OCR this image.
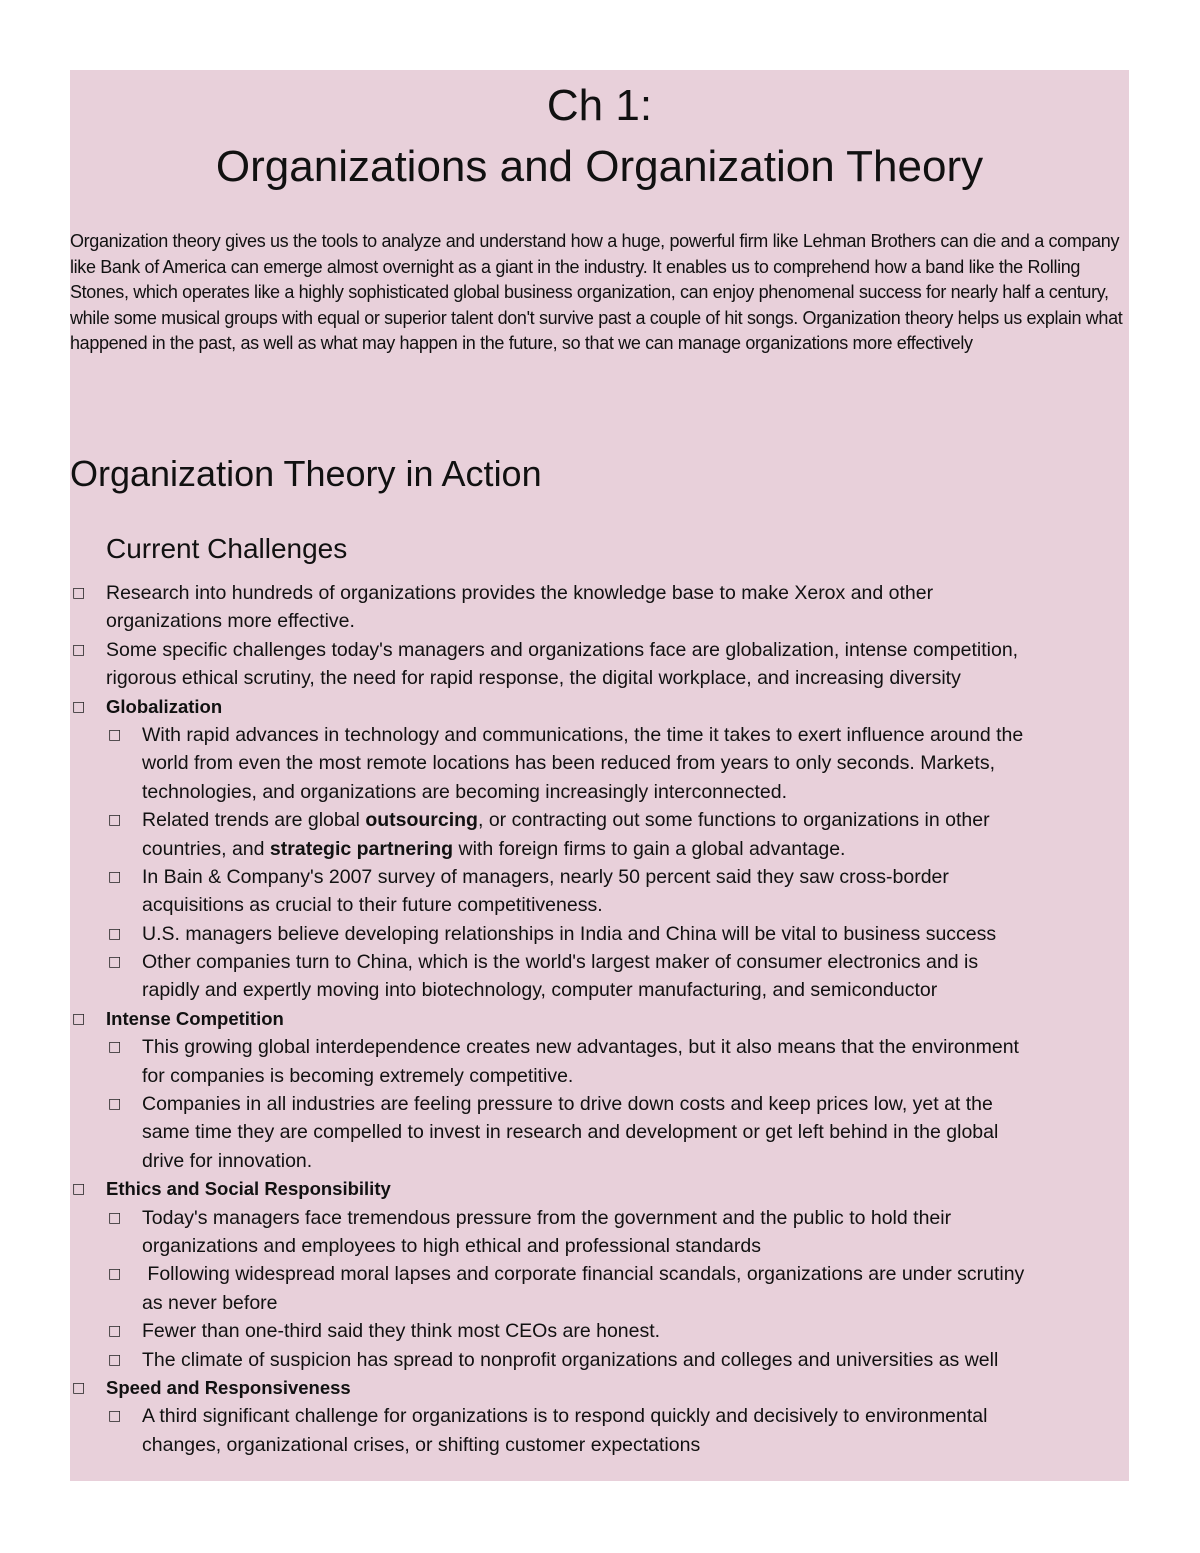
Ch 1:
Organizations and Organization Theory

Organization theory gives us the tools to analyze and understand how a huge, powerful firm like Lehman Brothers can die and a company like Bank of America can emerge almost overnight as a giant in the industry. It enables us to comprehend how a band like the Rolling Stones, which operates like a highly sophisticated global business organization, can enjoy phenomenal success for nearly half a century, while some musical groups with equal or superior talent don't survive past a couple of hit songs. Organization theory helps us explain what happened in the past, as well as what may happen in the future, so that we can manage organizations more effectively

Organization Theory in Action
Current Challenges
□ Research into hundreds of organizations provides the knowledge base to make Xerox and other
organizations more effective.
□ Some specific challenges today's managers and organizations face are globalization, intense competition,
rigorous ethical scrutiny, the need for rapid response, the digital workplace, and increasing diversity
□ Globalization
□ With rapid advances in technology and communications, the time it takes to exert influence around the
world from even the most remote locations has been reduced from years to only seconds. Markets,
technologies, and organizations are becoming increasingly interconnected.
□ Related trends are global outsourcing, or contracting out some functions to organizations in other
countries, and strategic partnering with foreign firms to gain a global advantage.
□ In Bain & Company's 2007 survey of managers, nearly 50 percent said they saw cross-border
acquisitions as crucial to their future competitiveness.
□ U.S. managers believe developing relationships in India and China will be vital to business success
□ Other companies turn to China, which is the world's largest maker of consumer electronics and is
rapidly and expertly moving into biotechnology, computer manufacturing, and semiconductor
□ Intense Competition
□ This growing global interdependence creates new advantages, but it also means that the environment
for companies is becoming extremely competitive.
□ Companies in all industries are feeling pressure to drive down costs and keep prices low, yet at the
same time they are compelled to invest in research and development or get left behind in the global
drive for innovation.
□ Ethics and Social Responsibility
□ Today's managers face tremendous pressure from the government and the public to hold their
organizations and employees to high ethical and professional standards
□ Following widespread moral lapses and corporate financial scandals, organizations are under scrutiny
as never before
□ Fewer than one-third said they think most CEOs are honest.
□ The climate of suspicion has spread to nonprofit organizations and colleges and universities as well
□ Speed and Responsiveness
□ A third significant challenge for organizations is to respond quickly and decisively to environmental
changes, organizational crises, or shifting customer expectations
